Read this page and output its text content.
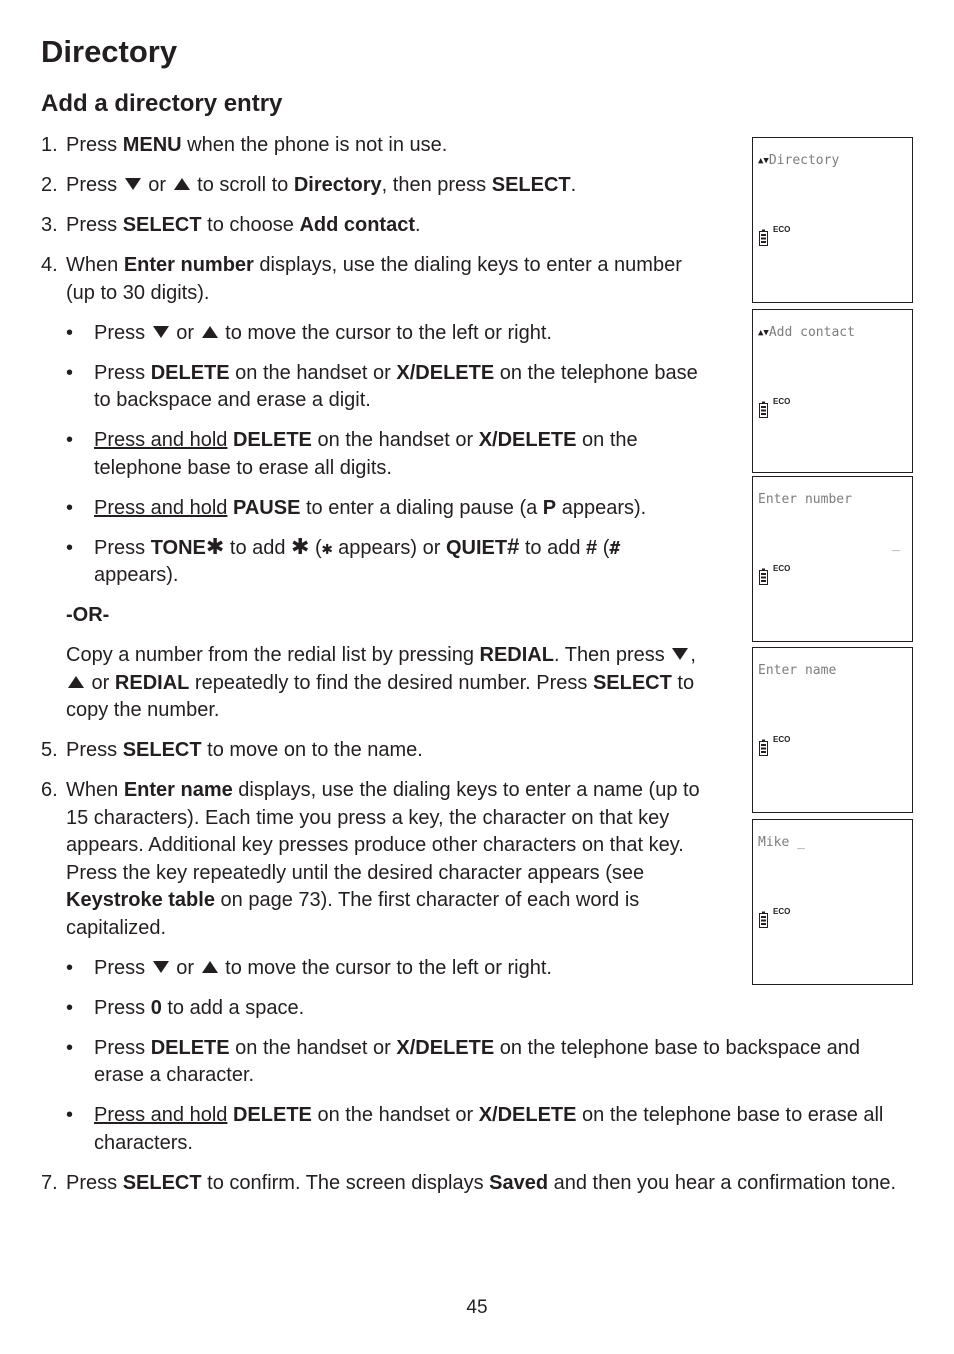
Directory
Add a directory entry
1. Press MENU when the phone is not in use.
2. Press  or  to scroll to Directory, then press SELECT.
3. Press SELECT to choose Add contact.
4. When Enter number displays, use the dialing keys to enter a number (up to 30 digits).
• Press  or  to move the cursor to the left or right.
• Press DELETE on the handset or X/DELETE on the telephone base to backspace and erase a digit.
• Press and hold DELETE on the handset or X/DELETE on the telephone base to erase all digits.
• Press and hold PAUSE to enter a dialing pause (a P appears).
• Press TONE✱ to add ✱ (✱ appears) or QUIET# to add # (# appears).
-OR-
Copy a number from the redial list by pressing REDIAL. Then press ,  or REDIAL repeatedly to find the desired number. Press SELECT to copy the number.
5. Press SELECT to move on to the name.
6. When Enter name displays, use the dialing keys to enter a name (up to 15 characters). Each time you press a key, the character on that key appears. Additional key presses produce other characters on that key. Press the key repeatedly until the desired character appears (see Keystroke table on page 73). The first character of each word is capitalized.
• Press  or  to move the cursor to the left or right.
• Press 0 to add a space.
• Press DELETE on the handset or X/DELETE on the telephone base to backspace and erase a character.
• Press and hold DELETE on the handset or X/DELETE on the telephone base to erase all characters.
7. Press SELECT to confirm. The screen displays Saved and then you hear a confirmation tone.
▲▼Directory
ECO
▲▼Add contact
ECO
Enter number
_
ECO
Enter name
ECO
Mike _
ECO
45
